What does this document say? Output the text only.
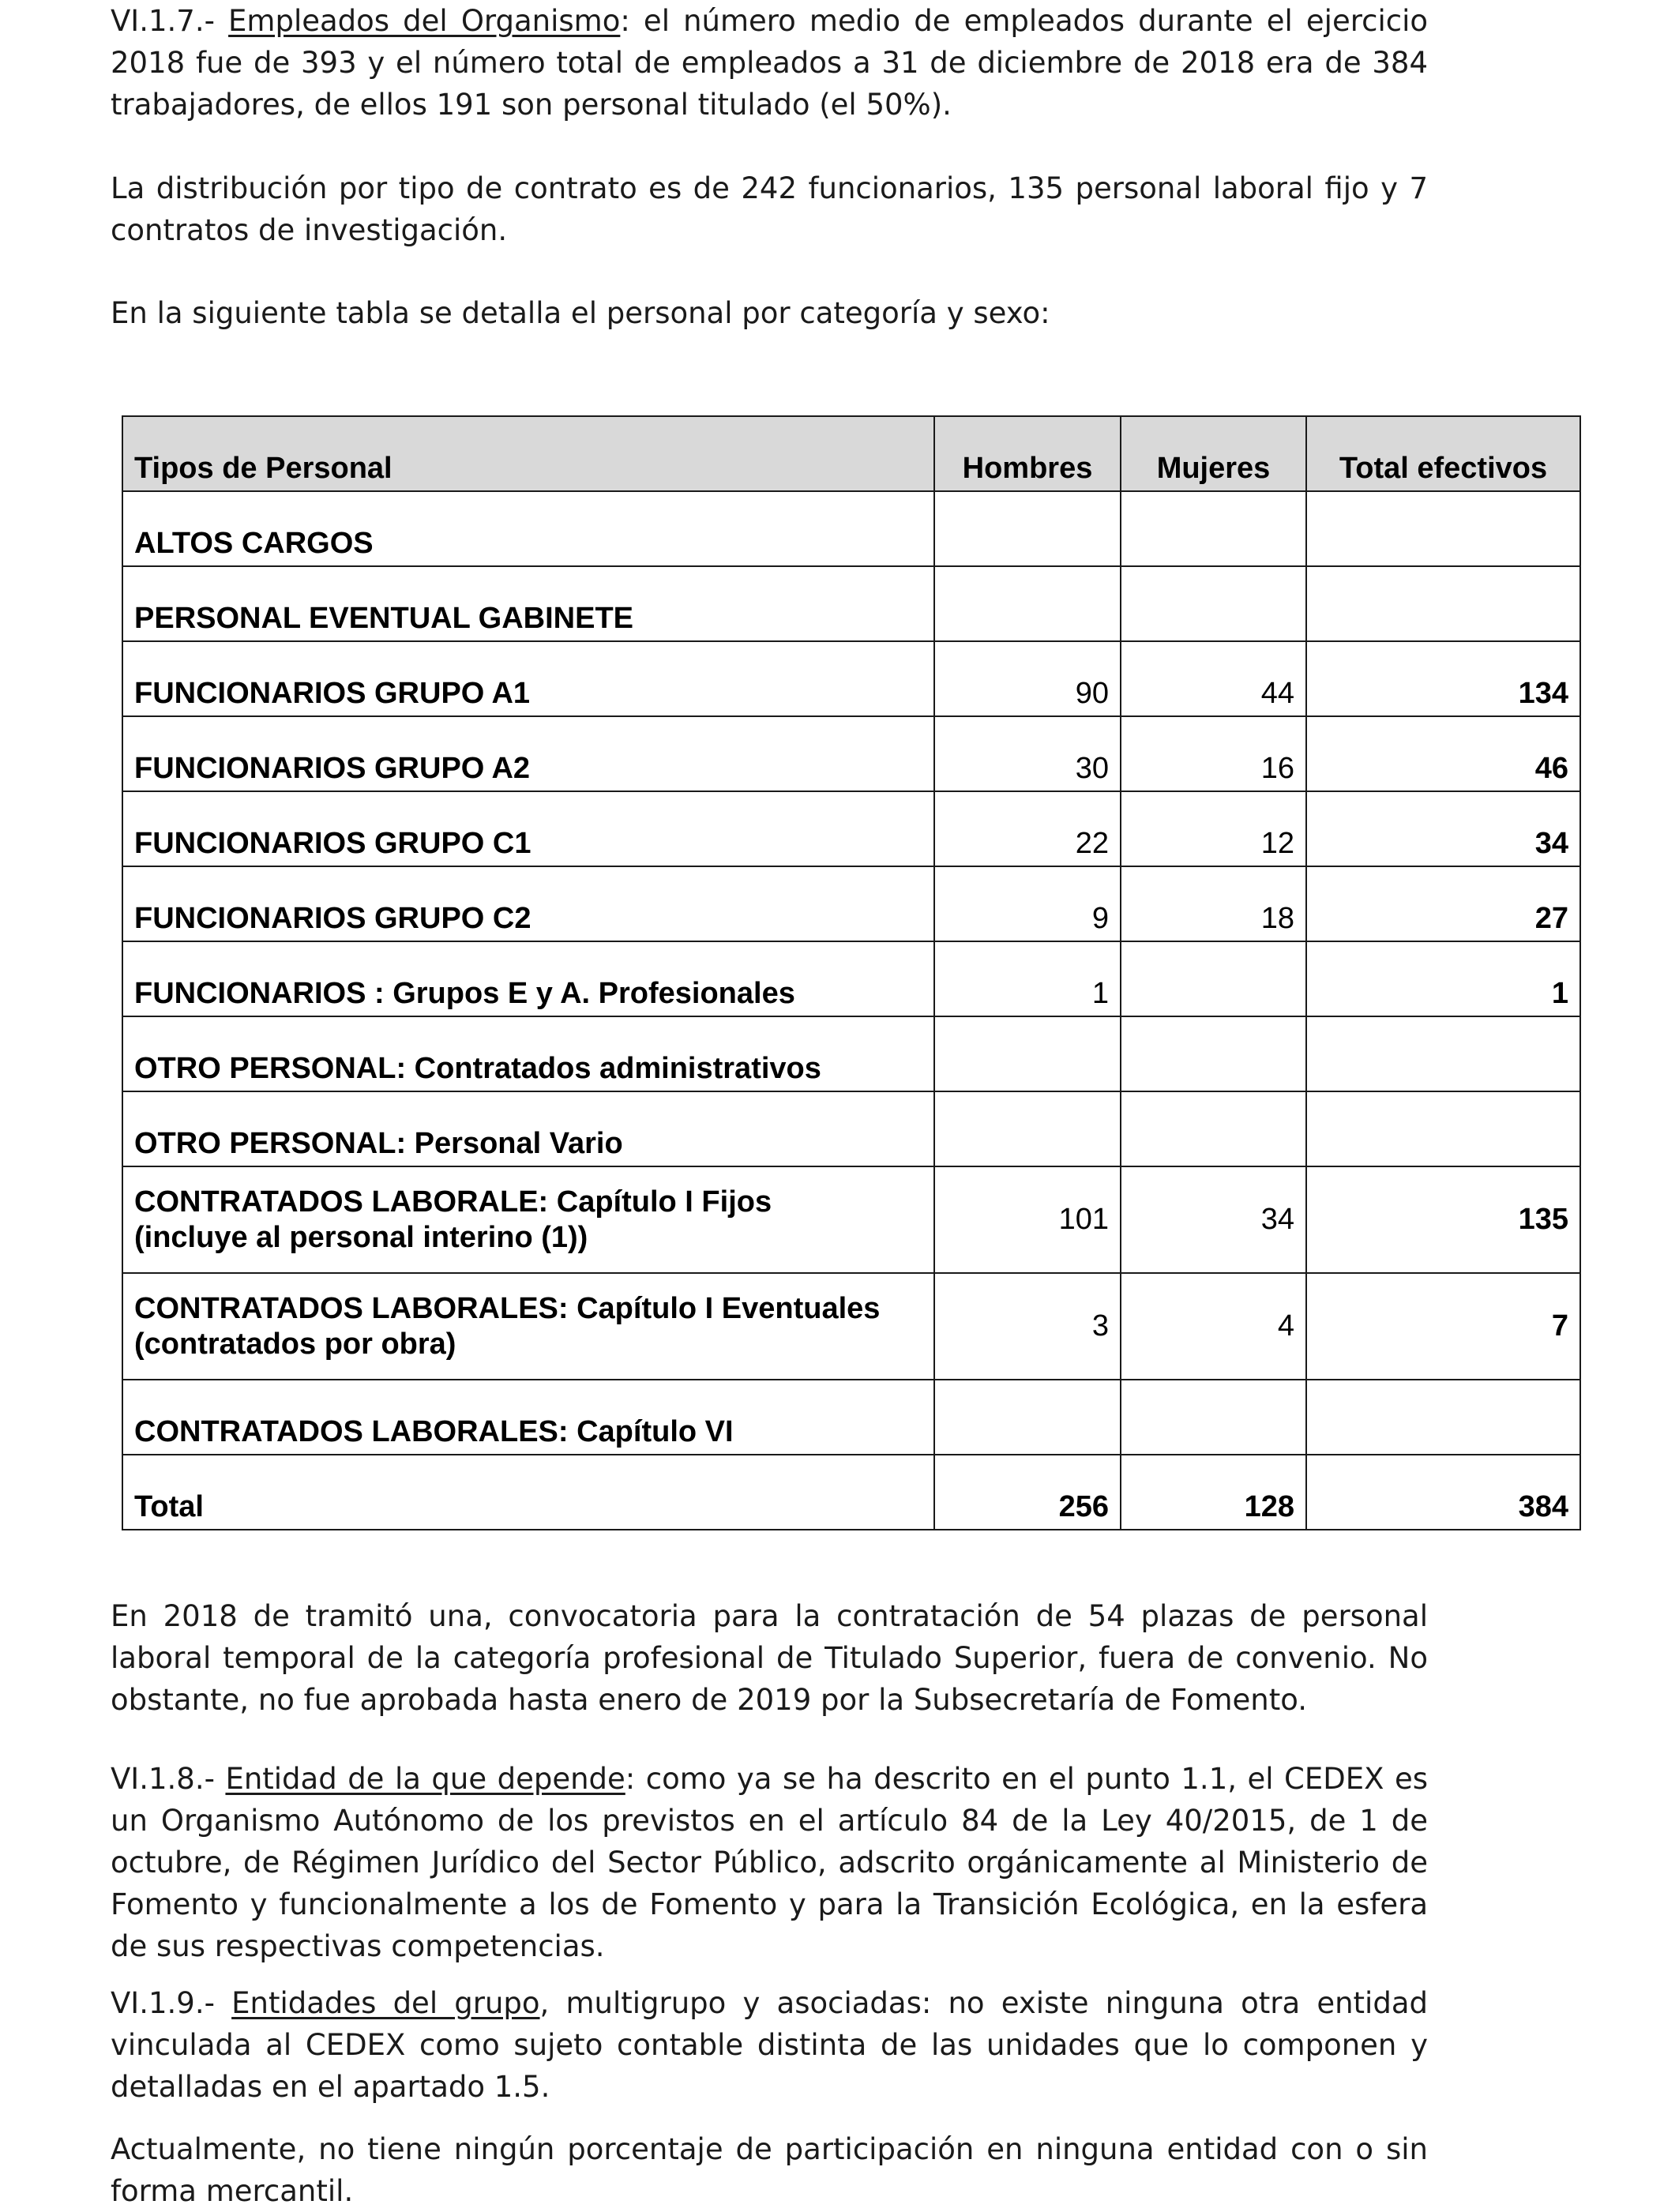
VI.1.7.- Empleados del Organismo: el número medio de empleados durante el ejercicio 2018 fue de 393 y el número total de empleados a 31 de diciembre de 2018 era de 384 trabajadores, de ellos 191 son personal titulado (el 50%).

La distribución por tipo de contrato es de 242 funcionarios, 135 personal laboral fijo y 7 contratos de investigación.

En la siguiente tabla se detalla el personal por categoría y sexo:

Tipos de Personal	Hombres	Mujeres	Total efectivos
ALTOS CARGOS			
PERSONAL EVENTUAL GABINETE			
FUNCIONARIOS GRUPO A1	90	44	134
FUNCIONARIOS GRUPO A2	30	16	46
FUNCIONARIOS GRUPO C1	22	12	34
FUNCIONARIOS GRUPO C2	9	18	27
FUNCIONARIOS : Grupos E y A. Profesionales	1		1
OTRO PERSONAL: Contratados administrativos			
OTRO PERSONAL: Personal Vario			
CONTRATADOS LABORALE: Capítulo I Fijos
(incluye al personal interino (1))	101	34	135
CONTRATADOS LABORALES: Capítulo I Eventuales
(contratados por obra)	3	4	7
CONTRATADOS LABORALES: Capítulo VI			
Total	256	128	384

En 2018 de tramitó una, convocatoria para la contratación de 54 plazas de personal laboral temporal de la categoría profesional de Titulado Superior, fuera de convenio. No obstante, no fue aprobada hasta enero de 2019 por la Subsecretaría de Fomento.

VI.1.8.- Entidad de la que depende: como ya se ha descrito en el punto 1.1, el CEDEX es un Organismo Autónomo de los previstos en el artículo 84 de la Ley 40/2015, de 1 de octubre, de Régimen Jurídico del Sector Público, adscrito orgánicamente al Ministerio de Fomento y funcionalmente a los de Fomento y para la Transición Ecológica, en la esfera de sus respectivas competencias.

VI.1.9.- Entidades del grupo, multigrupo y asociadas: no existe ninguna otra entidad vinculada al CEDEX como sujeto contable distinta de las unidades que lo componen y detalladas en el apartado 1.5.

Actualmente, no tiene ningún porcentaje de participación en ninguna entidad con o sin forma mercantil.
